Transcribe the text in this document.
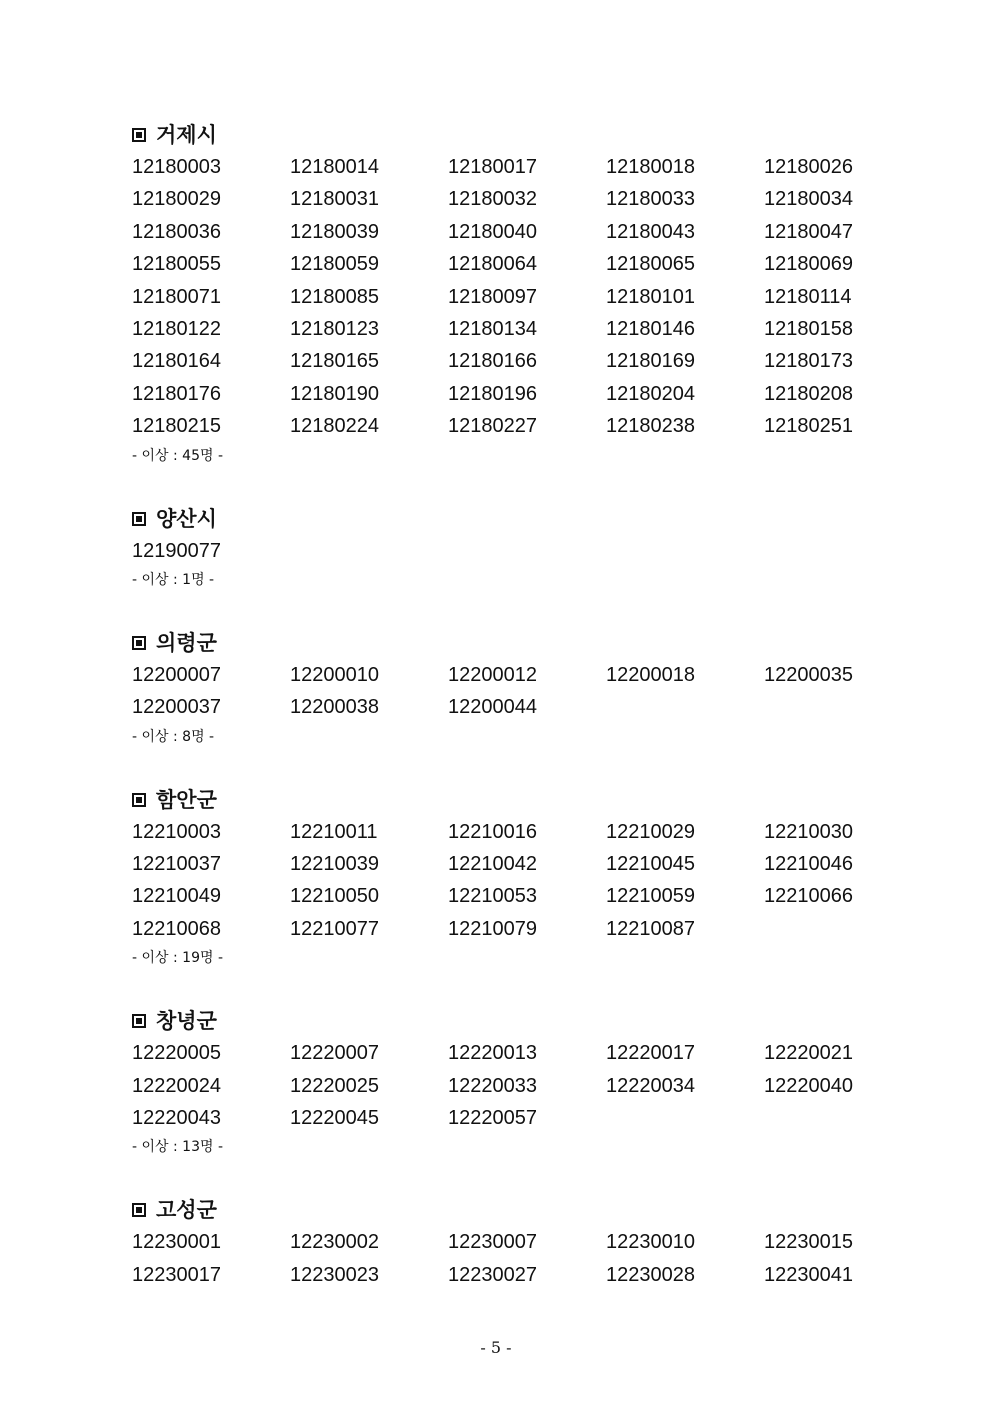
거제시
12180003	12180014	12180017	12180018	12180026
12180029	12180031	12180032	12180033	12180034
12180036	12180039	12180040	12180043	12180047
12180055	12180059	12180064	12180065	12180069
12180071	12180085	12180097	12180101	12180114
12180122	12180123	12180134	12180146	12180158
12180164	12180165	12180166	12180169	12180173
12180176	12180190	12180196	12180204	12180208
12180215	12180224	12180227	12180238	12180251
- 이상 : 45명 -
양산시
12190077
- 이상 : 1명 -
의령군
12200007	12200010	12200012	12200018	12200035
12200037	12200038	12200044
- 이상 : 8명 -
함안군
12210003	12210011	12210016	12210029	12210030
12210037	12210039	12210042	12210045	12210046
12210049	12210050	12210053	12210059	12210066
12210068	12210077	12210079	12210087
- 이상 : 19명 -
창녕군
12220005	12220007	12220013	12220017	12220021
12220024	12220025	12220033	12220034	12220040
12220043	12220045	12220057
- 이상 : 13명 -
고성군
12230001	12230002	12230007	12230010	12230015
12230017	12230023	12230027	12230028	12230041
- 5 -
